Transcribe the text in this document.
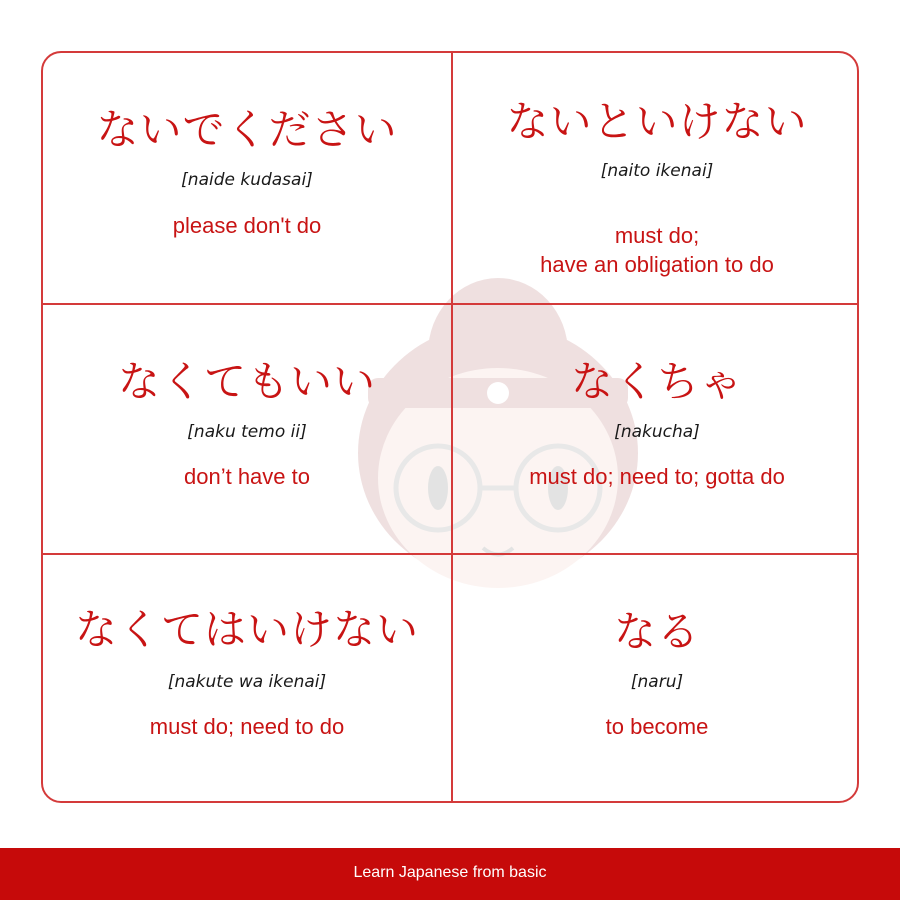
ないでください
[naide kudasai]
please don't do
ないといけない
[naito ikenai]
must do;
have an obligation to do
なくてもいい
[naku temo ii]
don’t have to
なくちゃ
[nakucha]
must do; need to; gotta do
なくてはいけない
[nakute wa ikenai]
must do; need to do
なる
[naru]
to become
Learn Japanese from basic
